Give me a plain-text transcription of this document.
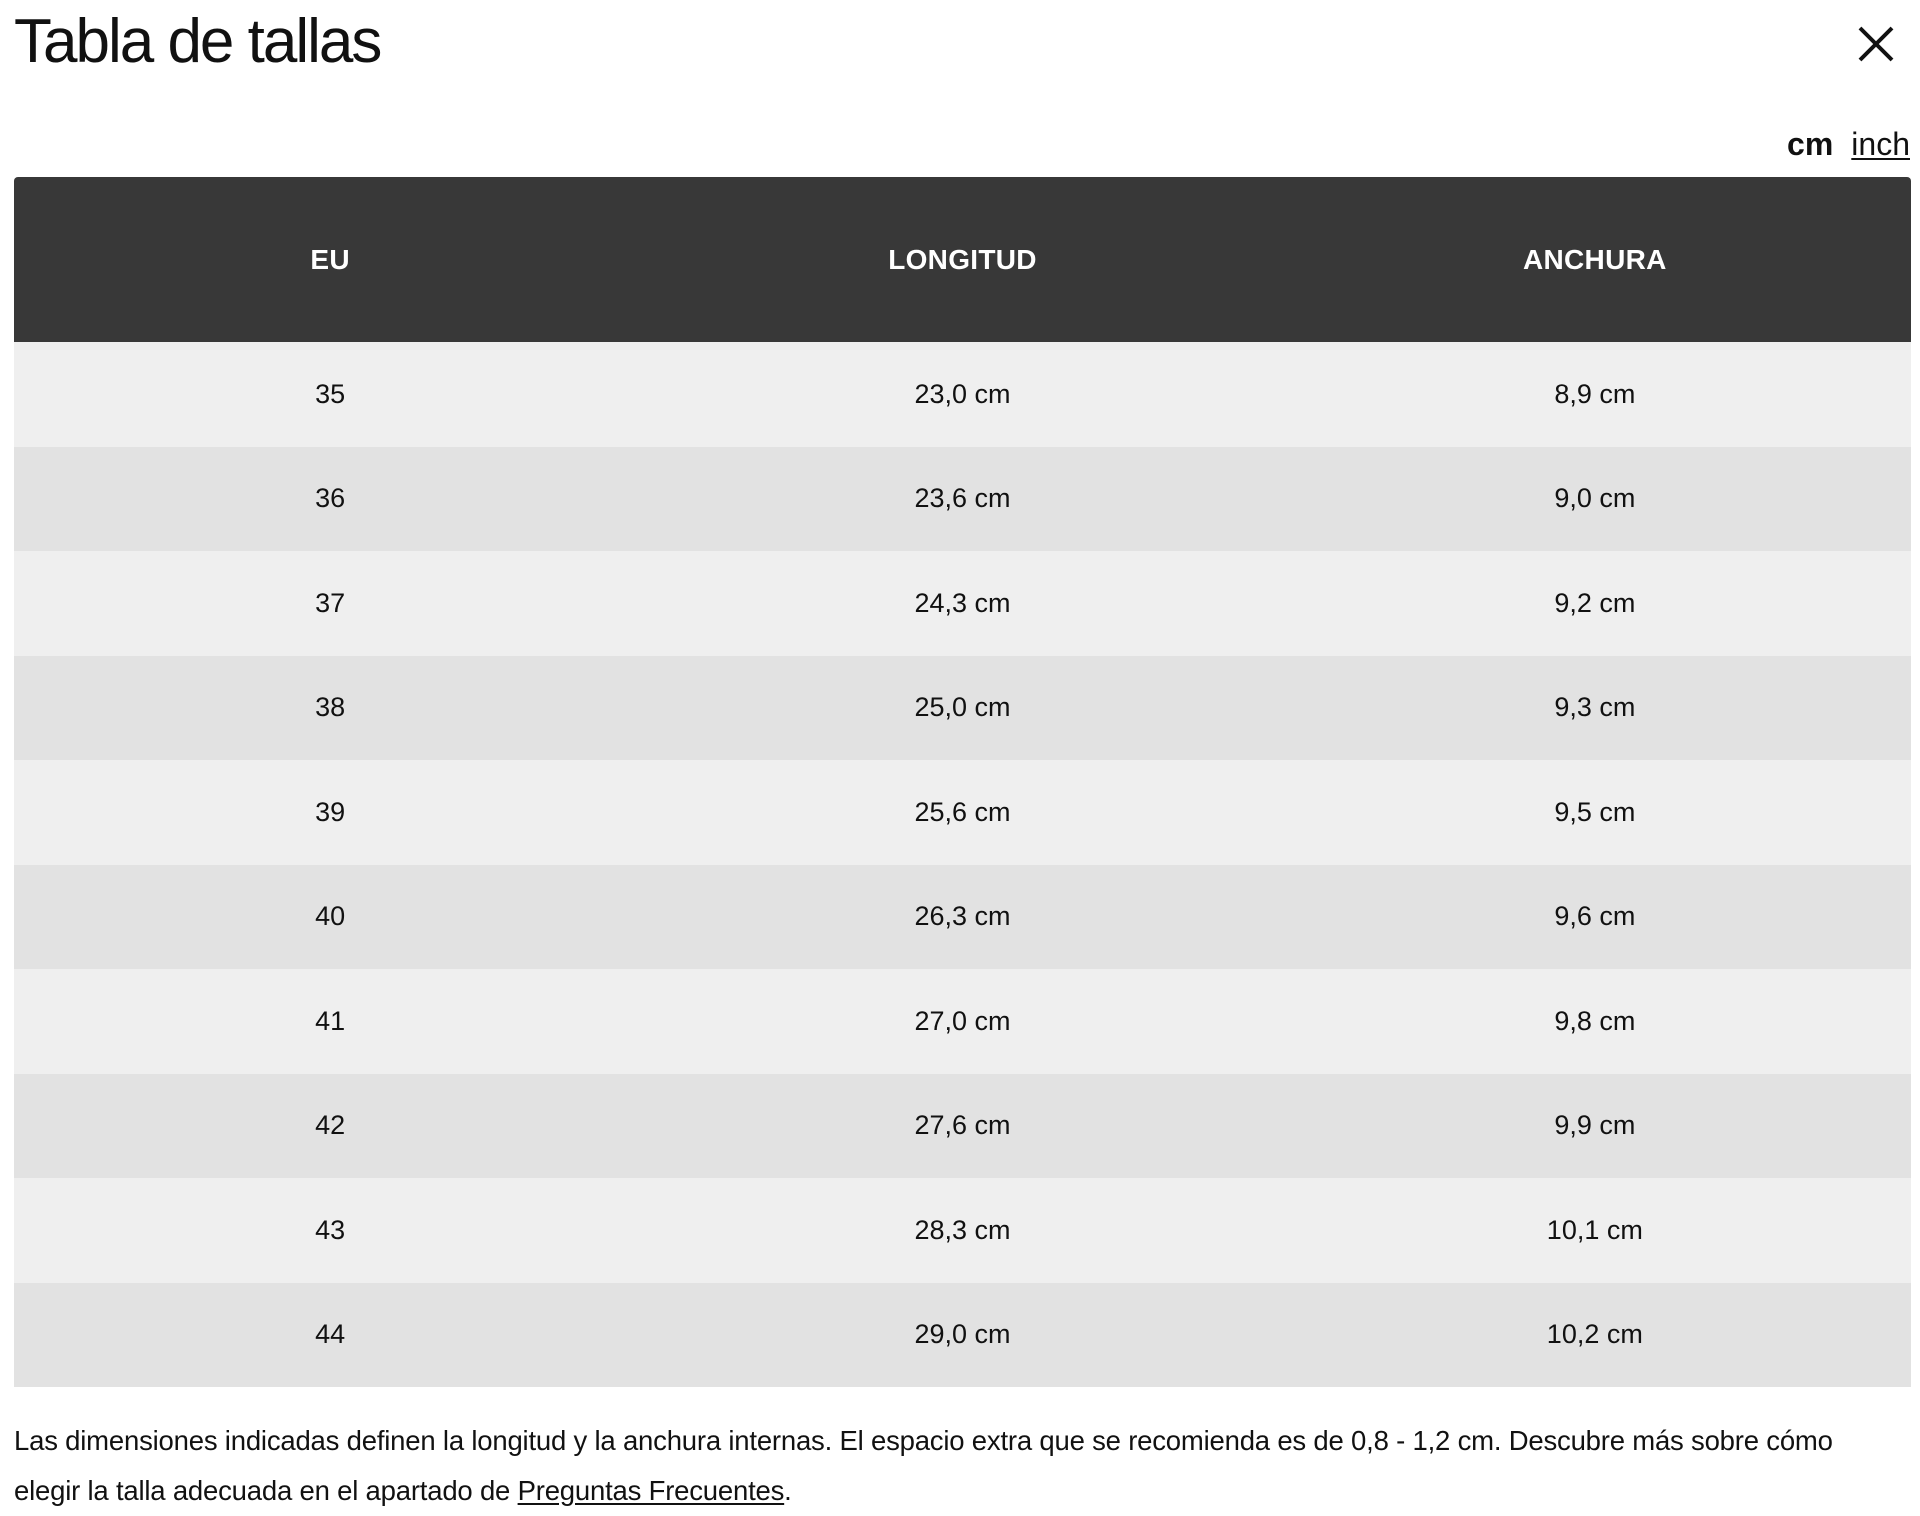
Tabla de tallas
cm inch
EU	LONGITUD	ANCHURA
35	23,0 cm	8,9 cm
36	23,6 cm	9,0 cm
37	24,3 cm	9,2 cm
38	25,0 cm	9,3 cm
39	25,6 cm	9,5 cm
40	26,3 cm	9,6 cm
41	27,0 cm	9,8 cm
42	27,6 cm	9,9 cm
43	28,3 cm	10,1 cm
44	29,0 cm	10,2 cm

Las dimensiones indicadas definen la longitud y la anchura internas. El espacio extra que se recomienda es de 0,8 - 1,2 cm. Descubre más sobre cómo elegir la talla adecuada en el apartado de Preguntas Frecuentes.
